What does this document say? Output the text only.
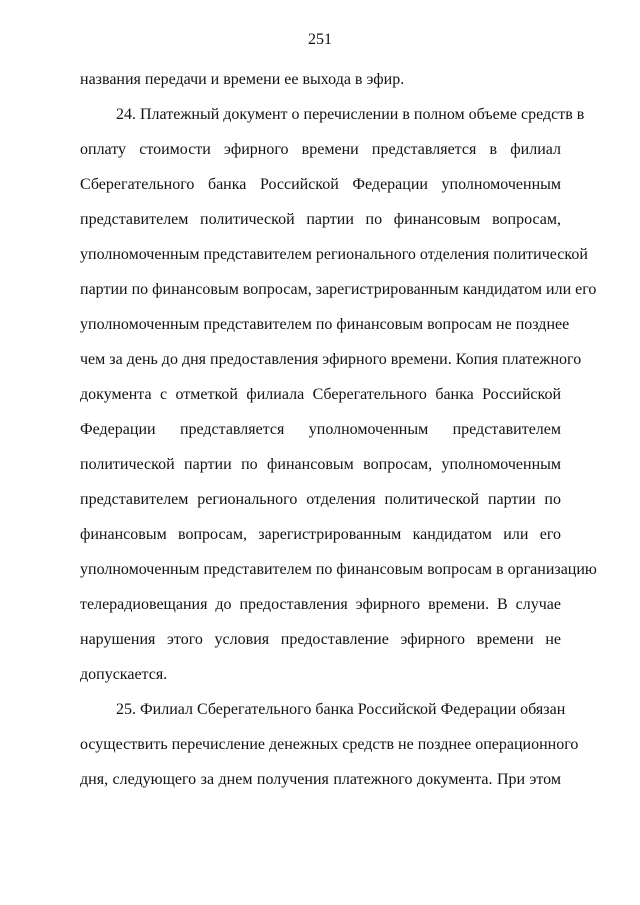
251
названия передачи и времени ее выхода в эфир.
24. Платежный документ о перечислении в полном объеме средств в
оплату стоимости эфирного времени представляется в филиал
Сберегательного банка Российской Федерации уполномоченным
представителем политической партии по финансовым вопросам,
уполномоченным представителем регионального отделения политической
партии по финансовым вопросам, зарегистрированным кандидатом или его
уполномоченным представителем по финансовым вопросам не позднее
чем за день до дня предоставления эфирного времени. Копия платежного
документа с отметкой филиала Сберегательного банка Российской
Федерации представляется уполномоченным представителем
политической партии по финансовым вопросам, уполномоченным
представителем регионального отделения политической партии по
финансовым вопросам, зарегистрированным кандидатом или его
уполномоченным представителем по финансовым вопросам в организацию
телерадиовещания до предоставления эфирного времени. В случае
нарушения этого условия предоставление эфирного времени не
допускается.
25. Филиал Сберегательного банка Российской Федерации обязан
осуществить перечисление денежных средств не позднее операционного
дня, следующего за днем получения платежного документа. При этом
